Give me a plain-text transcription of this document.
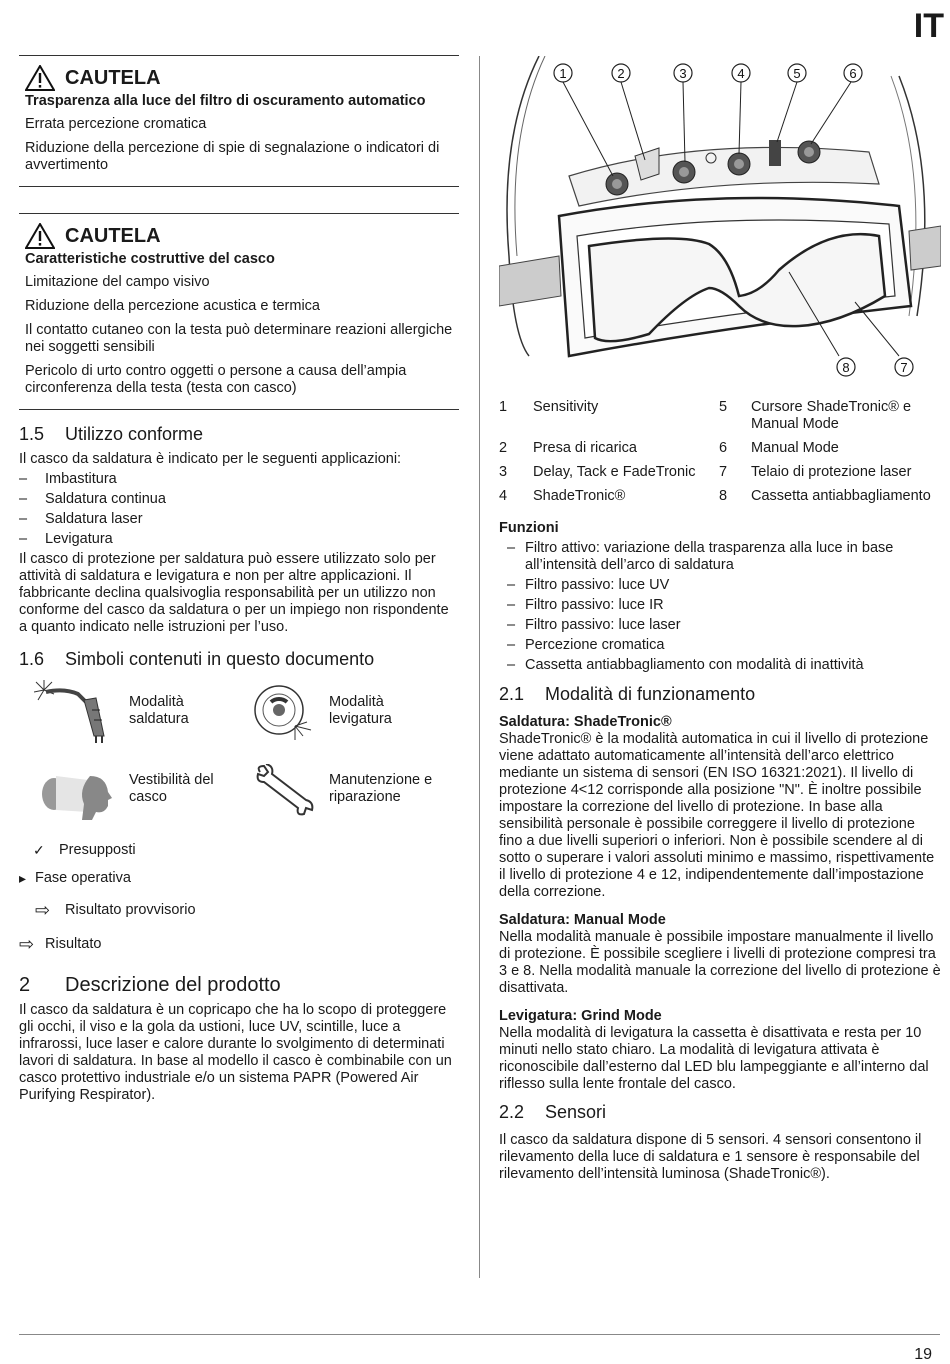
IT
CAUTELA
Trasparenza alla luce del filtro di oscuramento automatico

Errata percezione cromatica

Riduzione della percezione di spie di segnalazione o indicatori di avvertimento

CAUTELA
Caratteristiche costruttive del casco

Limitazione del campo visivo

Riduzione della percezione acustica e termica

Il contatto cutaneo con la testa può determinare reazioni allergiche nei soggetti sensibili

Pericolo di urto contro oggetti o persone a causa dell’ampia circonferenza della testa (testa con casco)

1.5	Utilizzo conforme

Il casco da saldatura è indicato per le seguenti applicazioni:

–	Imbastitura
–	Saldatura continua
–	Saldatura laser
–	Levigatura

Il casco di protezione per saldatura può essere utilizzato solo per attività di saldatura e levigatura e non per altre applicazioni. Il fabbricante declina qualsivoglia responsabilità per un utilizzo non conforme del casco da saldatura o per un impiego non rispondente a quanto indicato nelle istruzioni per l’uso.

1.6	Simboli contenuti in questo documento
Modalità saldatura
Modalità levigatura
Vestibilità del casco
Manutenzione e riparazione
✓ Presupposti
▸ Fase operativa
⇨	Risultato provvisorio
⇨ Risultato
2	Descrizione del prodotto

Il casco da saldatura è un copricapo che ha lo scopo di proteggere gli occhi, il viso e la gola da ustioni, luce UV, scintille, luce a infrarossi, luce laser e calore durante lo svolgimento di determinati lavori di saldatura. In base al modello il casco è combinabile con un casco protettivo industriale e/o un sistema PAPR (Powered Air Purifying Respirator).

1	2	3	4	5	6
8	7
1	Sensitivity	5	Cursore ShadeTronic® e Manual Mode
2	Presa di ricarica	6	Manual Mode
3	Delay, Tack e FadeTronic	7	Telaio di protezione laser
4	ShadeTronic®	8	Cassetta antiabbagliamento
Funzioni
– Filtro attivo: variazione della trasparenza alla luce in base all’intensità dell’arco di saldatura
– Filtro passivo: luce UV
– Filtro passivo: luce IR
– Filtro passivo: luce laser
– Percezione cromatica
– Cassetta antiabbagliamento con modalità di inattività
2.1	Modalità di funzionamento
Saldatura: ShadeTronic®

ShadeTronic® è la modalità automatica in cui il livello di protezione viene adattato automaticamente all’intensità dell’arco elettrico mediante un sistema di sensori (EN ISO 16321:2021). Il livello di protezione 4<12 corrisponde alla posizione "N". È inoltre possibile impostare la correzione del livello di protezione. In base alla sensibilità personale è possibile correggere il livello di protezione fino a due livelli superiori o inferiori. Non è possibile scendere al di sotto o superare i valori assoluti minimo e massimo, rispettivamente il livello di protezione 4 e 12, indipendentemente dall’impostazione della correzione.

Saldatura: Manual Mode

Nella modalità manuale è possibile impostare manualmente il livello di protezione. È possibile scegliere i livelli di protezione compresi tra 3 e 8. Nella modalità manuale la correzione del livello di protezione è disattivata.

Levigatura: Grind Mode

Nella modalità di levigatura la cassetta è disattivata e resta per 10 minuti nello stato chiaro. La modalità di levigatura attivata è riconoscibile dall’esterno dal LED blu lampeggiante e all’interno dal riflesso sulla lente frontale del casco.

2.2	Sensori

Il casco da saldatura dispone di 5 sensori. 4 sensori consentono il rilevamento della luce di saldatura e 1 sensore è responsabile del rilevamento dell’intensità luminosa (ShadeTronic®).

19
